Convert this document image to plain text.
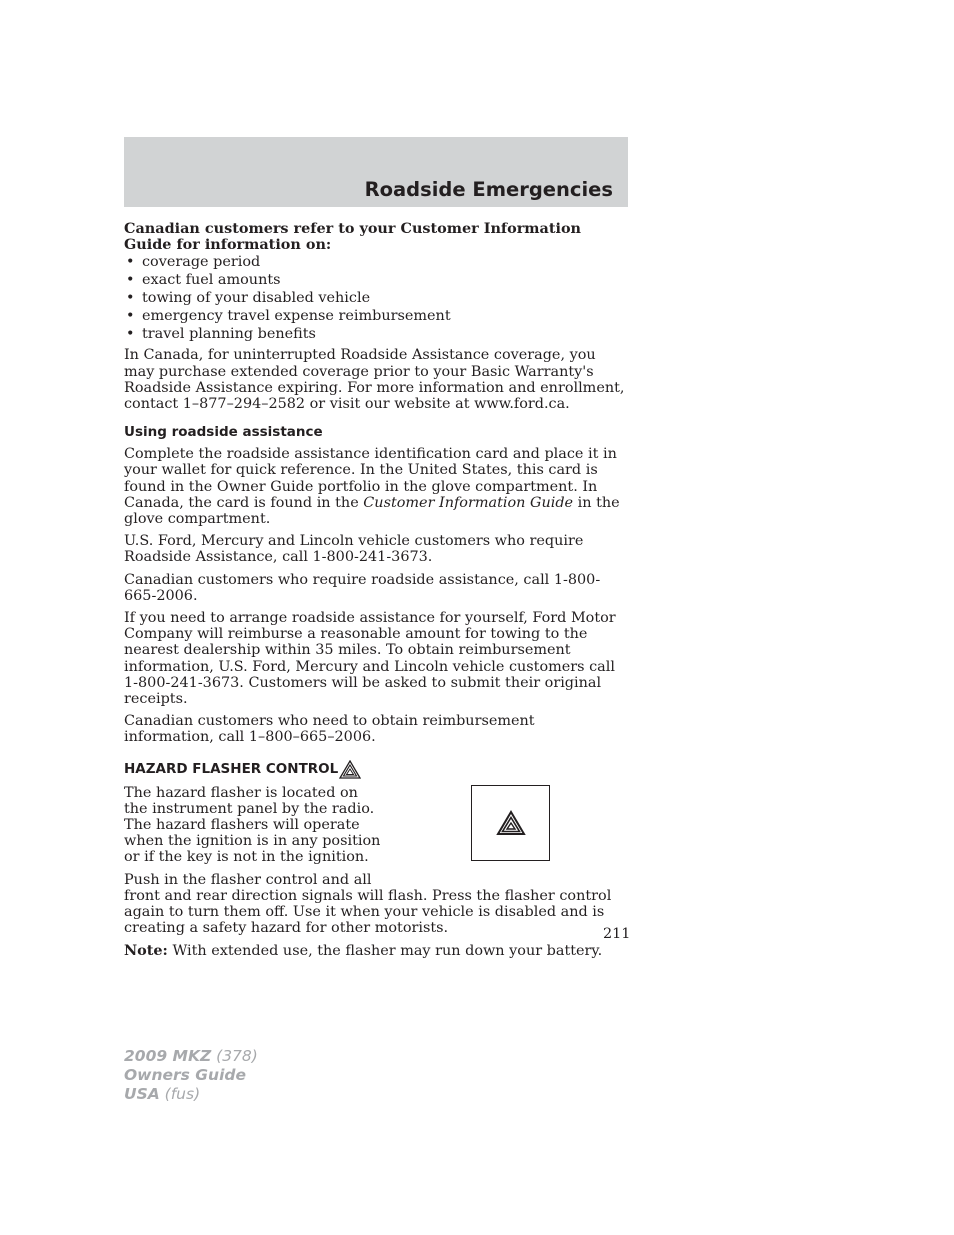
Roadside Emergencies

Canadian customers refer to your Customer Information Guide for information on:

• coverage period
• exact fuel amounts
• towing of your disabled vehicle
• emergency travel expense reimbursement
• travel planning benefits

In Canada, for uninterrupted Roadside Assistance coverage, you may purchase extended coverage prior to your Basic Warranty's Roadside Assistance expiring. For more information and enrollment, contact 1–877–294–2582 or visit our website at www.ford.ca.

Using roadside assistance

Complete the roadside assistance identification card and place it in your wallet for quick reference. In the United States, this card is found in the Owner Guide portfolio in the glove compartment. In Canada, the card is found in the Customer Information Guide in the glove compartment.

U.S. Ford, Mercury and Lincoln vehicle customers who require Roadside Assistance, call 1-800-241-3673.

Canadian customers who require roadside assistance, call 1-800-665-2006.

If you need to arrange roadside assistance for yourself, Ford Motor Company will reimburse a reasonable amount for towing to the nearest dealership within 35 miles. To obtain reimbursement information, U.S. Ford, Mercury and Lincoln vehicle customers call 1-800-241-3673. Customers will be asked to submit their original receipts.

Canadian customers who need to obtain reimbursement information, call 1–800–665–2006.

HAZARD FLASHER CONTROL

The hazard flasher is located on the instrument panel by the radio. The hazard flashers will operate when the ignition is in any position or if the key is not in the ignition.

Push in the flasher control and all
front and rear direction signals will flash. Press the flasher control again to turn them off. Use it when your vehicle is disabled and is creating a safety hazard for other motorists.

Note: With extended use, the flasher may run down your battery.

211
2009 MKZ (378)
Owners Guide
USA (fus)
